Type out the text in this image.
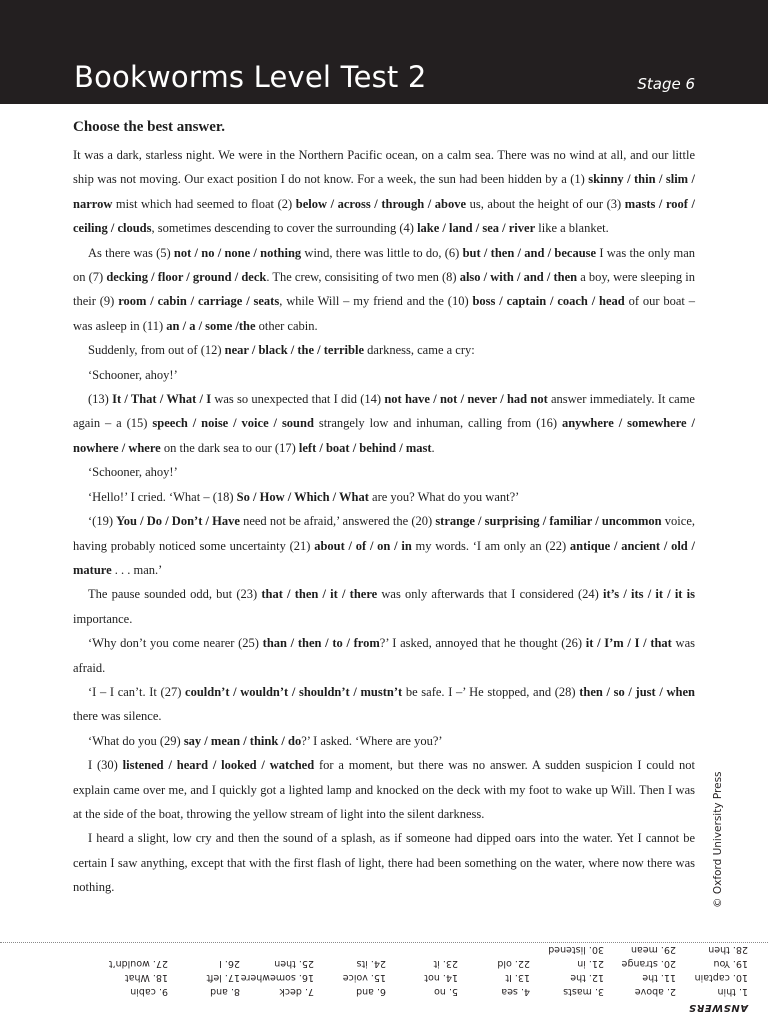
Bookworms Level Test 2	Stage 6
Choose the best answer.

It was a dark, starless night. We were in the Northern Pacific ocean, on a calm sea. There was no wind at all, and our little ship was not moving. Our exact position I do not know. For a week, the sun had been hidden by a (1) skinny / thin / slim / narrow mist which had seemed to float (2) below / across / through / above us, about the height of our (3) masts / roof / ceiling / clouds, sometimes descending to cover the surrounding (4) lake / land / sea / river like a blanket.

As there was (5) not / no / none / nothing wind, there was little to do, (6) but / then / and / because I was the only man on (7) decking / floor / ground / deck. The crew, consisiting of two men (8) also / with / and / then a boy, were sleeping in their (9) room / cabin / carriage / seats, while Will – my friend and the (10) boss / captain / coach / head of our boat – was asleep in (11) an / a / some /the other cabin.

Suddenly, from out of (12) near / black / the / terrible darkness, came a cry:

‘Schooner, ahoy!’

(13) It / That / What / I was so unexpected that I did (14) not have / not / never / had not answer immediately. It came again – a (15) speech / noise / voice / sound strangely low and inhuman, calling from (16) anywhere / somewhere / nowhere / where on the dark sea to our (17) left / boat / behind / mast.

‘Schooner, ahoy!’

‘Hello!’ I cried. ‘What – (18) So / How / Which / What are you? What do you want?’

‘(19) You / Do / Don’t / Have need not be afraid,’ answered the (20) strange / surprising / familiar / uncommon voice, having probably noticed some uncertainty (21) about / of / on / in my words. ‘I am only an (22) antique / ancient / old / mature . . . man.’

The pause sounded odd, but (23) that / then / it / there was only afterwards that I considered (24) it’s / its / it / it is importance.

‘Why don’t you come nearer (25) than / then / to / from?’ I asked, annoyed that he thought (26) it / I’m / I / that was afraid.

‘I – I can’t. It (27) couldn’t / wouldn’t / shouldn’t / mustn’t be safe. I –’ He stopped, and (28) then / so / just / when there was silence.

‘What do you (29) say / mean / think / do?’ I asked. ‘Where are you?’

I (30) listened / heard / looked / watched for a moment, but there was no answer. A sudden suspicion I could not explain came over me, and I quickly got a lighted lamp and knocked on the deck with my foot to wake up Will. Then I was at the side of the boat, throwing the yellow stream of light into the silent darkness.

I heard a slight, low cry and then the sound of a splash, as if someone had dipped oars into the water. Yet I cannot be certain I saw anything, except that with the first flash of light, there had been something on the water, where now there was nothing.	© Oxford University Press
ANSWERS
1. thin
10. captain
19. You
28. then
2. above
11. the
20. strange
29. mean
3. masts
12. the
21. in
30. listened
4. sea
13. It
22. old
5. no
14. not
23. it
6. and
15. voice
24. its
7. deck
16. somewhere
25. then
8. and
17. left
26. I
9. cabin
18. What
27. wouldn’t
